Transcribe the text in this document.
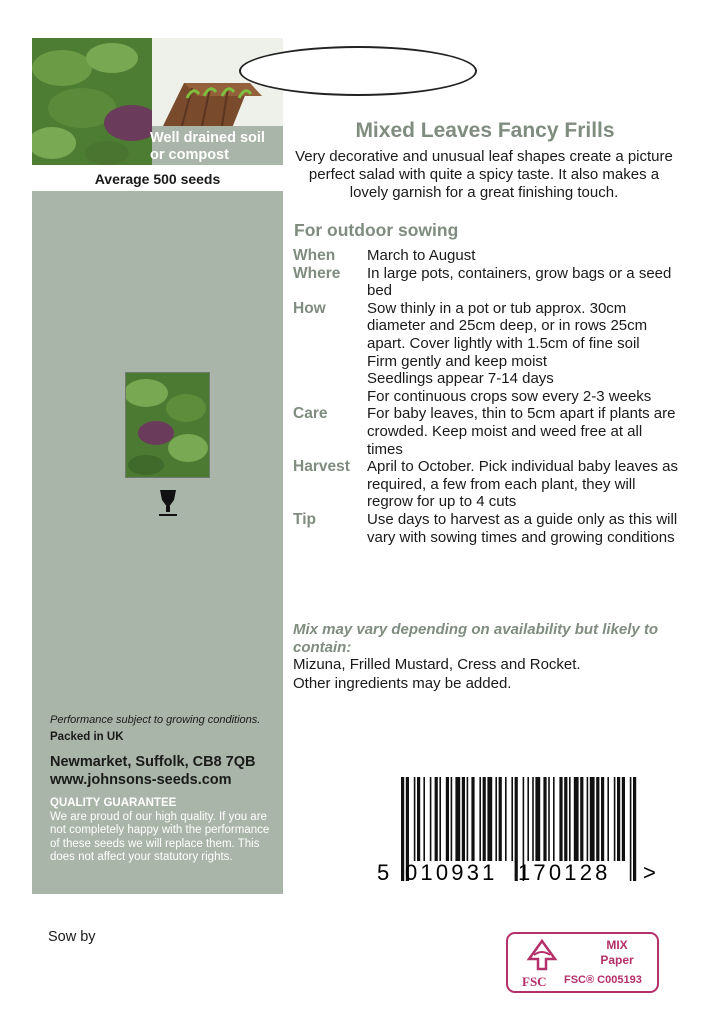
Well drained soil or compost
Average 500 seeds
Performance subject to growing conditions.
Packed in UK
Newmarket, Suffolk, CB8 7QB
www.johnsons-seeds.com
QUALITY GUARANTEE
We are proud of our high quality. If you are not completely happy with the performance of these seeds we will replace them. This does not affect your statutory rights.
Sow by
Mixed Leaves Fancy Frills
Very decorative and unusual leaf shapes create a picture perfect salad with quite a spicy taste. It also makes a lovely garnish for a great finishing touch.
For outdoor sowing
When	March to August
Where	In large pots, containers, grow bags or a seed bed
How	Sow thinly in a pot or tub approx. 30cm diameter and 25cm deep, or in rows 25cm apart. Cover lightly with 1.5cm of fine soil
Firm gently and keep moist
Seedlings appear 7-14 days
For continuous crops sow every 2-3 weeks
Care	For baby leaves, thin to 5cm apart if plants are crowded. Keep moist and weed free at all times
Harvest	April to October. Pick individual baby leaves as required, a few from each plant, they will regrow for up to 4 cuts
Tip	Use days to harvest as a guide only as this will vary with sowing times and growing conditions
Mix may vary depending on availability but likely to contain:
Mizuna, Frilled Mustard, Cress and Rocket.
Other ingredients may be added.
5 010931 170128 >
FSC
MIX
Paper
FSC® C005193
